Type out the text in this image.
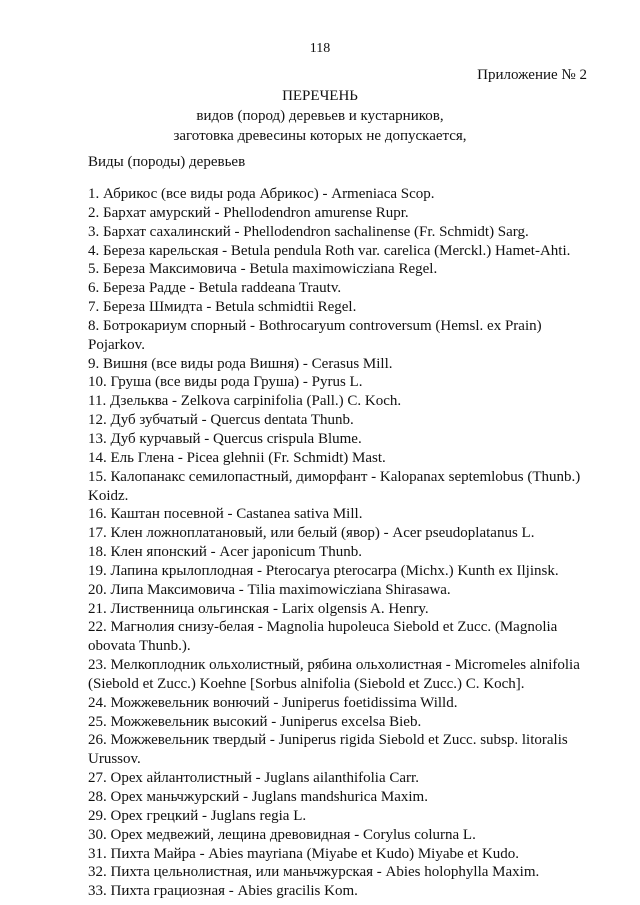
118
Приложение № 2
ПЕРЕЧЕНЬ
видов (пород) деревьев и кустарников,
заготовка древесины которых не допускается,
Виды (породы) деревьев
1. Абрикос (все виды рода Абрикос) - Armeniaca Scop.
2. Бархат амурский - Phellodendron amurense Rupr.
3. Бархат сахалинский - Phellodendron sachalinense (Fr. Schmidt) Sarg.
4. Береза карельская - Betula pendula Roth var. carelica (Merckl.) Hamet-Ahti.
5. Береза Максимовича - Betula maximowicziana Regel.
6. Береза Радде - Betula raddeana Trautv.
7. Береза Шмидта - Betula schmidtii Regel.
8. Ботрокариум спорный - Bothrocaryum controversum (Hemsl. ex Prain)
Pojarkov.
9. Вишня (все виды рода Вишня) - Cerasus Mill.
10. Груша (все виды рода Груша) - Pyrus L.
11. Дзельква - Zelkova carpinifolia (Pall.) C. Koch.
12. Дуб зубчатый - Quercus dentata Thunb.
13. Дуб курчавый - Quercus crispula Blume.
14. Ель Глена - Picea glehnii (Fr. Schmidt) Mast.
15. Калопанакс семилопастный, диморфант - Kalopanax septemlobus (Thunb.)
Koidz.
16. Каштан посевной - Castanea sativa Mill.
17. Клен ложноплатановый, или белый (явор) - Acer pseudoplatanus L.
18. Клен японский - Acer japonicum Thunb.
19. Лапина крылоплодная - Pterocarya pterocarpa (Michx.) Kunth ex Iljinsk.
20. Липа Максимовича - Tilia maximowicziana Shirasawa.
21. Лиственница ольгинская - Larix olgensis A. Henry.
22. Магнолия снизу-белая - Magnolia hupoleuca Siebold et Zucc. (Magnolia
obovata Thunb.).
23. Мелкоплодник ольхолистный, рябина ольхолистная - Micromeles alnifolia
(Siebold et Zucc.) Koehne [Sorbus alnifolia (Siebold et Zucc.) C. Koch].
24. Можжевельник вонючий - Juniperus foetidissima Willd.
25. Можжевельник высокий - Juniperus excelsa Bieb.
26. Можжевельник твердый - Juniperus rigida Siebold et Zucc. subsp. litoralis
Urussov.
27. Орех айлантолистный - Juglans ailanthifolia Carr.
28. Орех маньчжурский - Juglans mandshurica Maxim.
29. Орех грецкий - Juglans regia L.
30. Орех медвежий, лещина древовидная - Corylus colurna L.
31. Пихта Майра - Abies mayriana (Miyabe et Kudo) Miyabe et Kudo.
32. Пихта цельнолистная, или маньчжурская - Abies holophylla Maxim.
33. Пихта грациозная - Abies gracilis Kom.
